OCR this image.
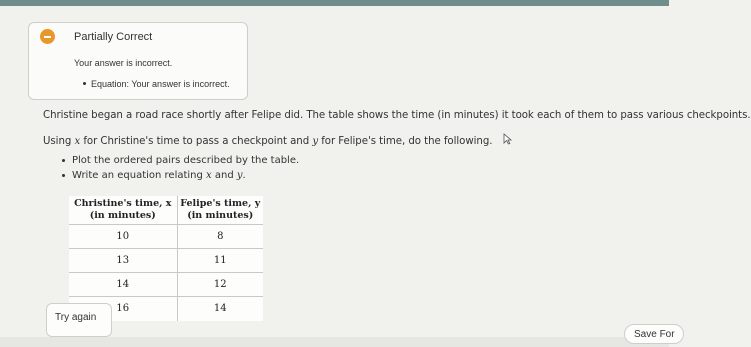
Partially Correct
Your answer is incorrect.
Equation: Your answer is incorrect.
Christine began a road race shortly after Felipe did. The table shows the time (in minutes) it took each of them to pass various checkpoints.
Using x for Christine's time to pass a checkpoint and y for Felipe's time, do the following.
Plot the ordered pairs described by the table.
Write an equation relating x and y.
Christine's time, x (in minutes)	Felipe's time, y (in minutes)
10	8
13	11
14	12
16	14
Try again
Save For
